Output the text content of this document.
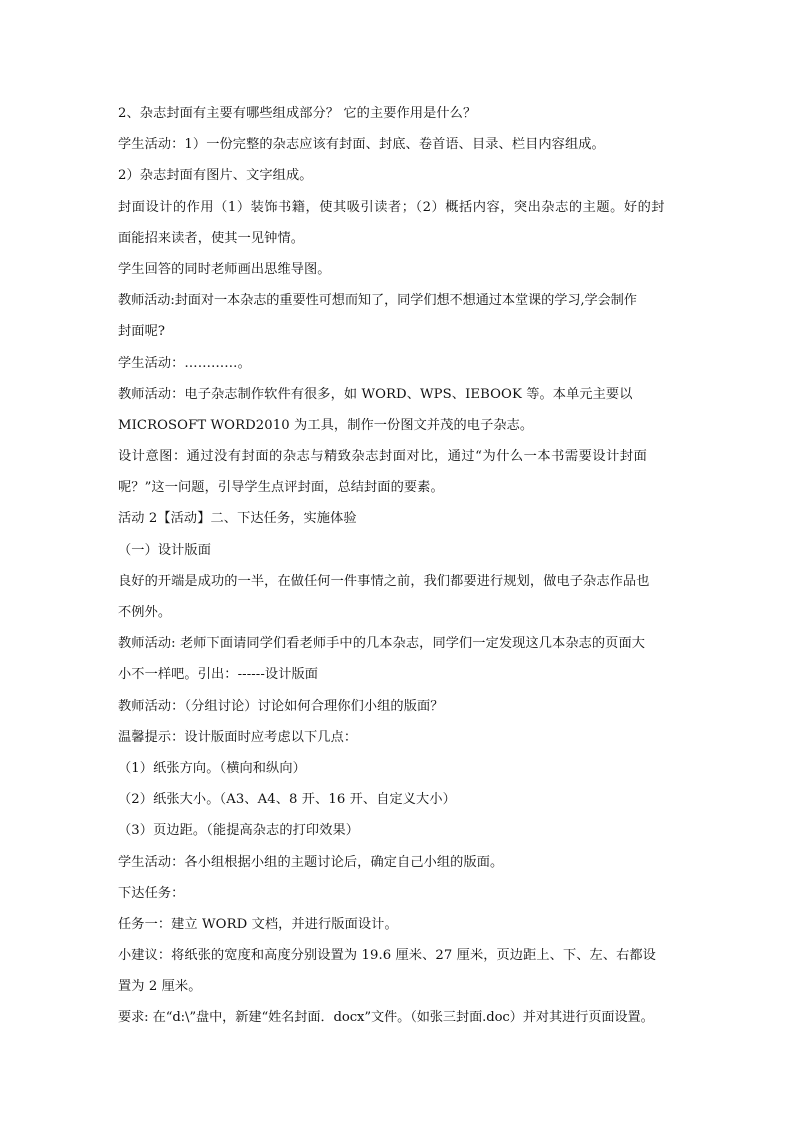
2、杂志封面有主要有哪些组成部分？ 它的主要作用是什么？
学生活动：1）一份完整的杂志应该有封面、封底、卷首语、目录、栏目内容组成。
2）杂志封面有图片、文字组成。
封面设计的作用（1）装饰书籍，使其吸引读者；（2）概括内容，突出杂志的主题。好的封
面能招来读者，使其一见钟情。
学生回答的同时老师画出思维导图。
教师活动:封面对一本杂志的重要性可想而知了，同学们想不想通过本堂课的学习,学会制作
封面呢?
学生活动：…………。
教师活动：电子杂志制作软件有很多，如 WORD、WPS、IEBOOK 等。本单元主要以
MICROSOFT WORD2010 为工具，制作一份图文并茂的电子杂志。
设计意图：通过没有封面的杂志与精致杂志封面对比，通过“为什么一本书需要设计封面
呢？”这一问题，引导学生点评封面，总结封面的要素。
活动 2【活动】二、下达任务，实施体验
（一）设计版面
良好的开端是成功的一半，在做任何一件事情之前，我们都要进行规划，做电子杂志作品也
不例外。
教师活动: 老师下面请同学们看老师手中的几本杂志，同学们一定发现这几本杂志的页面大
小不一样吧。引出：------设计版面
教师活动：（分组讨论）讨论如何合理你们小组的版面？
温馨提示：设计版面时应考虑以下几点：
（1）纸张方向。（横向和纵向）
（2）纸张大小。（A3、A4、8 开、16 开、自定义大小）
（3）页边距。（能提高杂志的打印效果）
学生活动：各小组根据小组的主题讨论后，确定自己小组的版面。
下达任务：
任务一：建立 WORD 文档，并进行版面设计。
小建议：将纸张的宽度和高度分别设置为 19.6 厘米、27 厘米，页边距上、下、左、右都设
置为 2 厘米。
要求: 在“d:\”盘中，新建“姓名封面．docx”文件。（如张三封面.doc）并对其进行页面设置。
